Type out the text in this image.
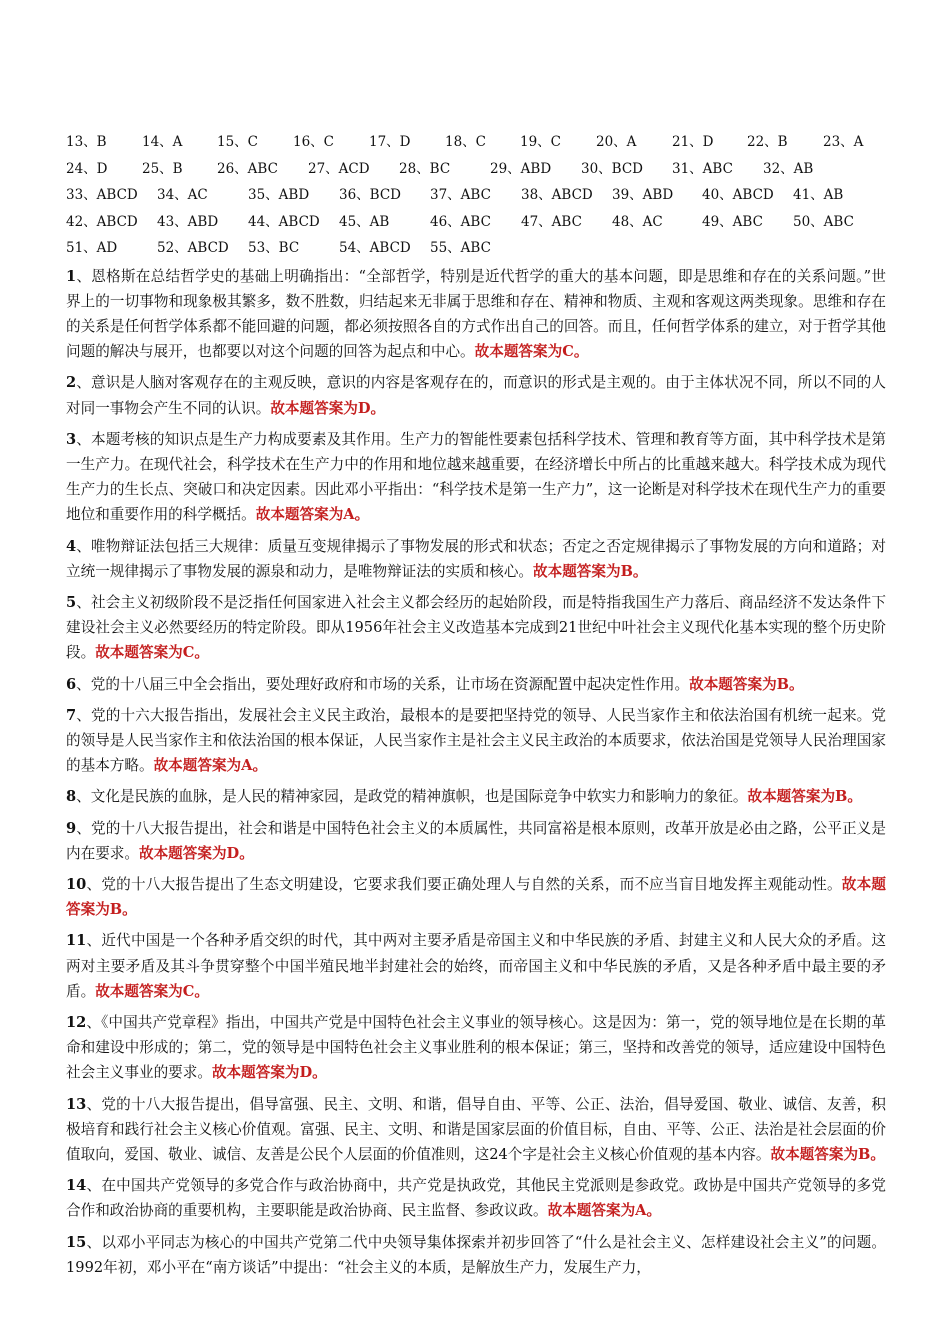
13、B	14、A	15、C	16、C	17、D	18、C	19、C	20、A	21、D 22、B	23、A
24、D	25、B	26、ABC 27、ACD 28、BC	29、ABD 30、BCD 31、ABC 32、AB
33、ABCD 34、AC	35、ABD 36、BCD 37、ABC 38、ABCD 39、ABD 40、ABCD 41、AB
42、ABCD 43、ABD 44、ABCD 45、AB	46、ABC 47、ABC 48、AC	49、ABC 50、ABC
51、AD	52、ABCD 53、BC	54、ABCD 55、ABC

1、恩格斯在总结哲学史的基础上明确指出：“全部哲学，特别是近代哲学的重大的基本问题，即是思维和存在的关系问题。”世界上的一切事物和现象极其繁多，数不胜数，归结起来无非属于思维和存在、精神和物质、主观和客观这两类现象。思维和存在的关系是任何哲学体系都不能回避的问题，都必须按照各自的方式作出自己的回答。而且，任何哲学体系的建立，对于哲学其他问题的解决与展开，也都要以对这个问题的回答为起点和中心。故本题答案为C。

2、意识是人脑对客观存在的主观反映，意识的内容是客观存在的，而意识的形式是主观的。由于主体状况不同，所以不同的人对同一事物会产生不同的认识。故本题答案为D。

3、本题考核的知识点是生产力构成要素及其作用。生产力的智能性要素包括科学技术、管理和教育等方面，其中科学技术是第一生产力。在现代社会，科学技术在生产力中的作用和地位越来越重要，在经济增长中所占的比重越来越大。科学技术成为现代生产力的生长点、突破口和决定因素。因此邓小平指出：“科学技术是第一生产力”，这一论断是对科学技术在现代生产力的重要地位和重要作用的科学概括。故本题答案为A。

4、唯物辩证法包括三大规律：质量互变规律揭示了事物发展的形式和状态；否定之否定规律揭示了事物发展的方向和道路；对立统一规律揭示了事物发展的源泉和动力，是唯物辩证法的实质和核心。故本题答案为B。

5、社会主义初级阶段不是泛指任何国家进入社会主义都会经历的起始阶段，而是特指我国生产力落后、商品经济不发达条件下建设社会主义必然要经历的特定阶段。即从1956年社会主义改造基本完成到21世纪中叶社会主义现代化基本实现的整个历史阶段。故本题答案为C。

6、党的十八届三中全会指出，要处理好政府和市场的关系，让市场在资源配置中起决定性作用。故本题答案为B。

7、党的十六大报告指出，发展社会主义民主政治，最根本的是要把坚持党的领导、人民当家作主和依法治国有机统一起来。党的领导是人民当家作主和依法治国的根本保证，人民当家作主是社会主义民主政治的本质要求，依法治国是党领导人民治理国家的基本方略。故本题答案为A。

8、文化是民族的血脉，是人民的精神家园，是政党的精神旗帜，也是国际竞争中软实力和影响力的象征。故本题答案为B。

9、党的十八大报告提出，社会和谐是中国特色社会主义的本质属性，共同富裕是根本原则，改革开放是必由之路，公平正义是内在要求。故本题答案为D。

10、党的十八大报告提出了生态文明建设，它要求我们要正确处理人与自然的关系，而不应当盲目地发挥主观能动性。故本题答案为B。

11、近代中国是一个各种矛盾交织的时代，其中两对主要矛盾是帝国主义和中华民族的矛盾、封建主义和人民大众的矛盾。这两对主要矛盾及其斗争贯穿整个中国半殖民地半封建社会的始终，而帝国主义和中华民族的矛盾，又是各种矛盾中最主要的矛盾。故本题答案为C。

12、《中国共产党章程》指出，中国共产党是中国特色社会主义事业的领导核心。这是因为：第一，党的领导地位是在长期的革命和建设中形成的；第二，党的领导是中国特色社会主义事业胜利的根本保证；第三，坚持和改善党的领导，适应建设中国特色社会主义事业的要求。故本题答案为D。

13、党的十八大报告提出，倡导富强、民主、文明、和谐，倡导自由、平等、公正、法治，倡导爱国、敬业、诚信、友善，积极培育和践行社会主义核心价值观。富强、民主、文明、和谐是国家层面的价值目标，自由、平等、公正、法治是社会层面的价值取向，爱国、敬业、诚信、友善是公民个人层面的价值准则，这24个字是社会主义核心价值观的基本内容。故本题答案为B。

14、在中国共产党领导的多党合作与政治协商中，共产党是执政党，其他民主党派则是参政党。政协是中国共产党领导的多党合作和政治协商的重要机构，主要职能是政治协商、民主监督、参政议政。故本题答案为A。

15、以邓小平同志为核心的中国共产党第二代中央领导集体探索并初步回答了“什么是社会主义、怎样建设社会主义”的问题。1992年初，邓小平在“南方谈话”中提出：“社会主义的本质，是解放生产力，发展生产力，
